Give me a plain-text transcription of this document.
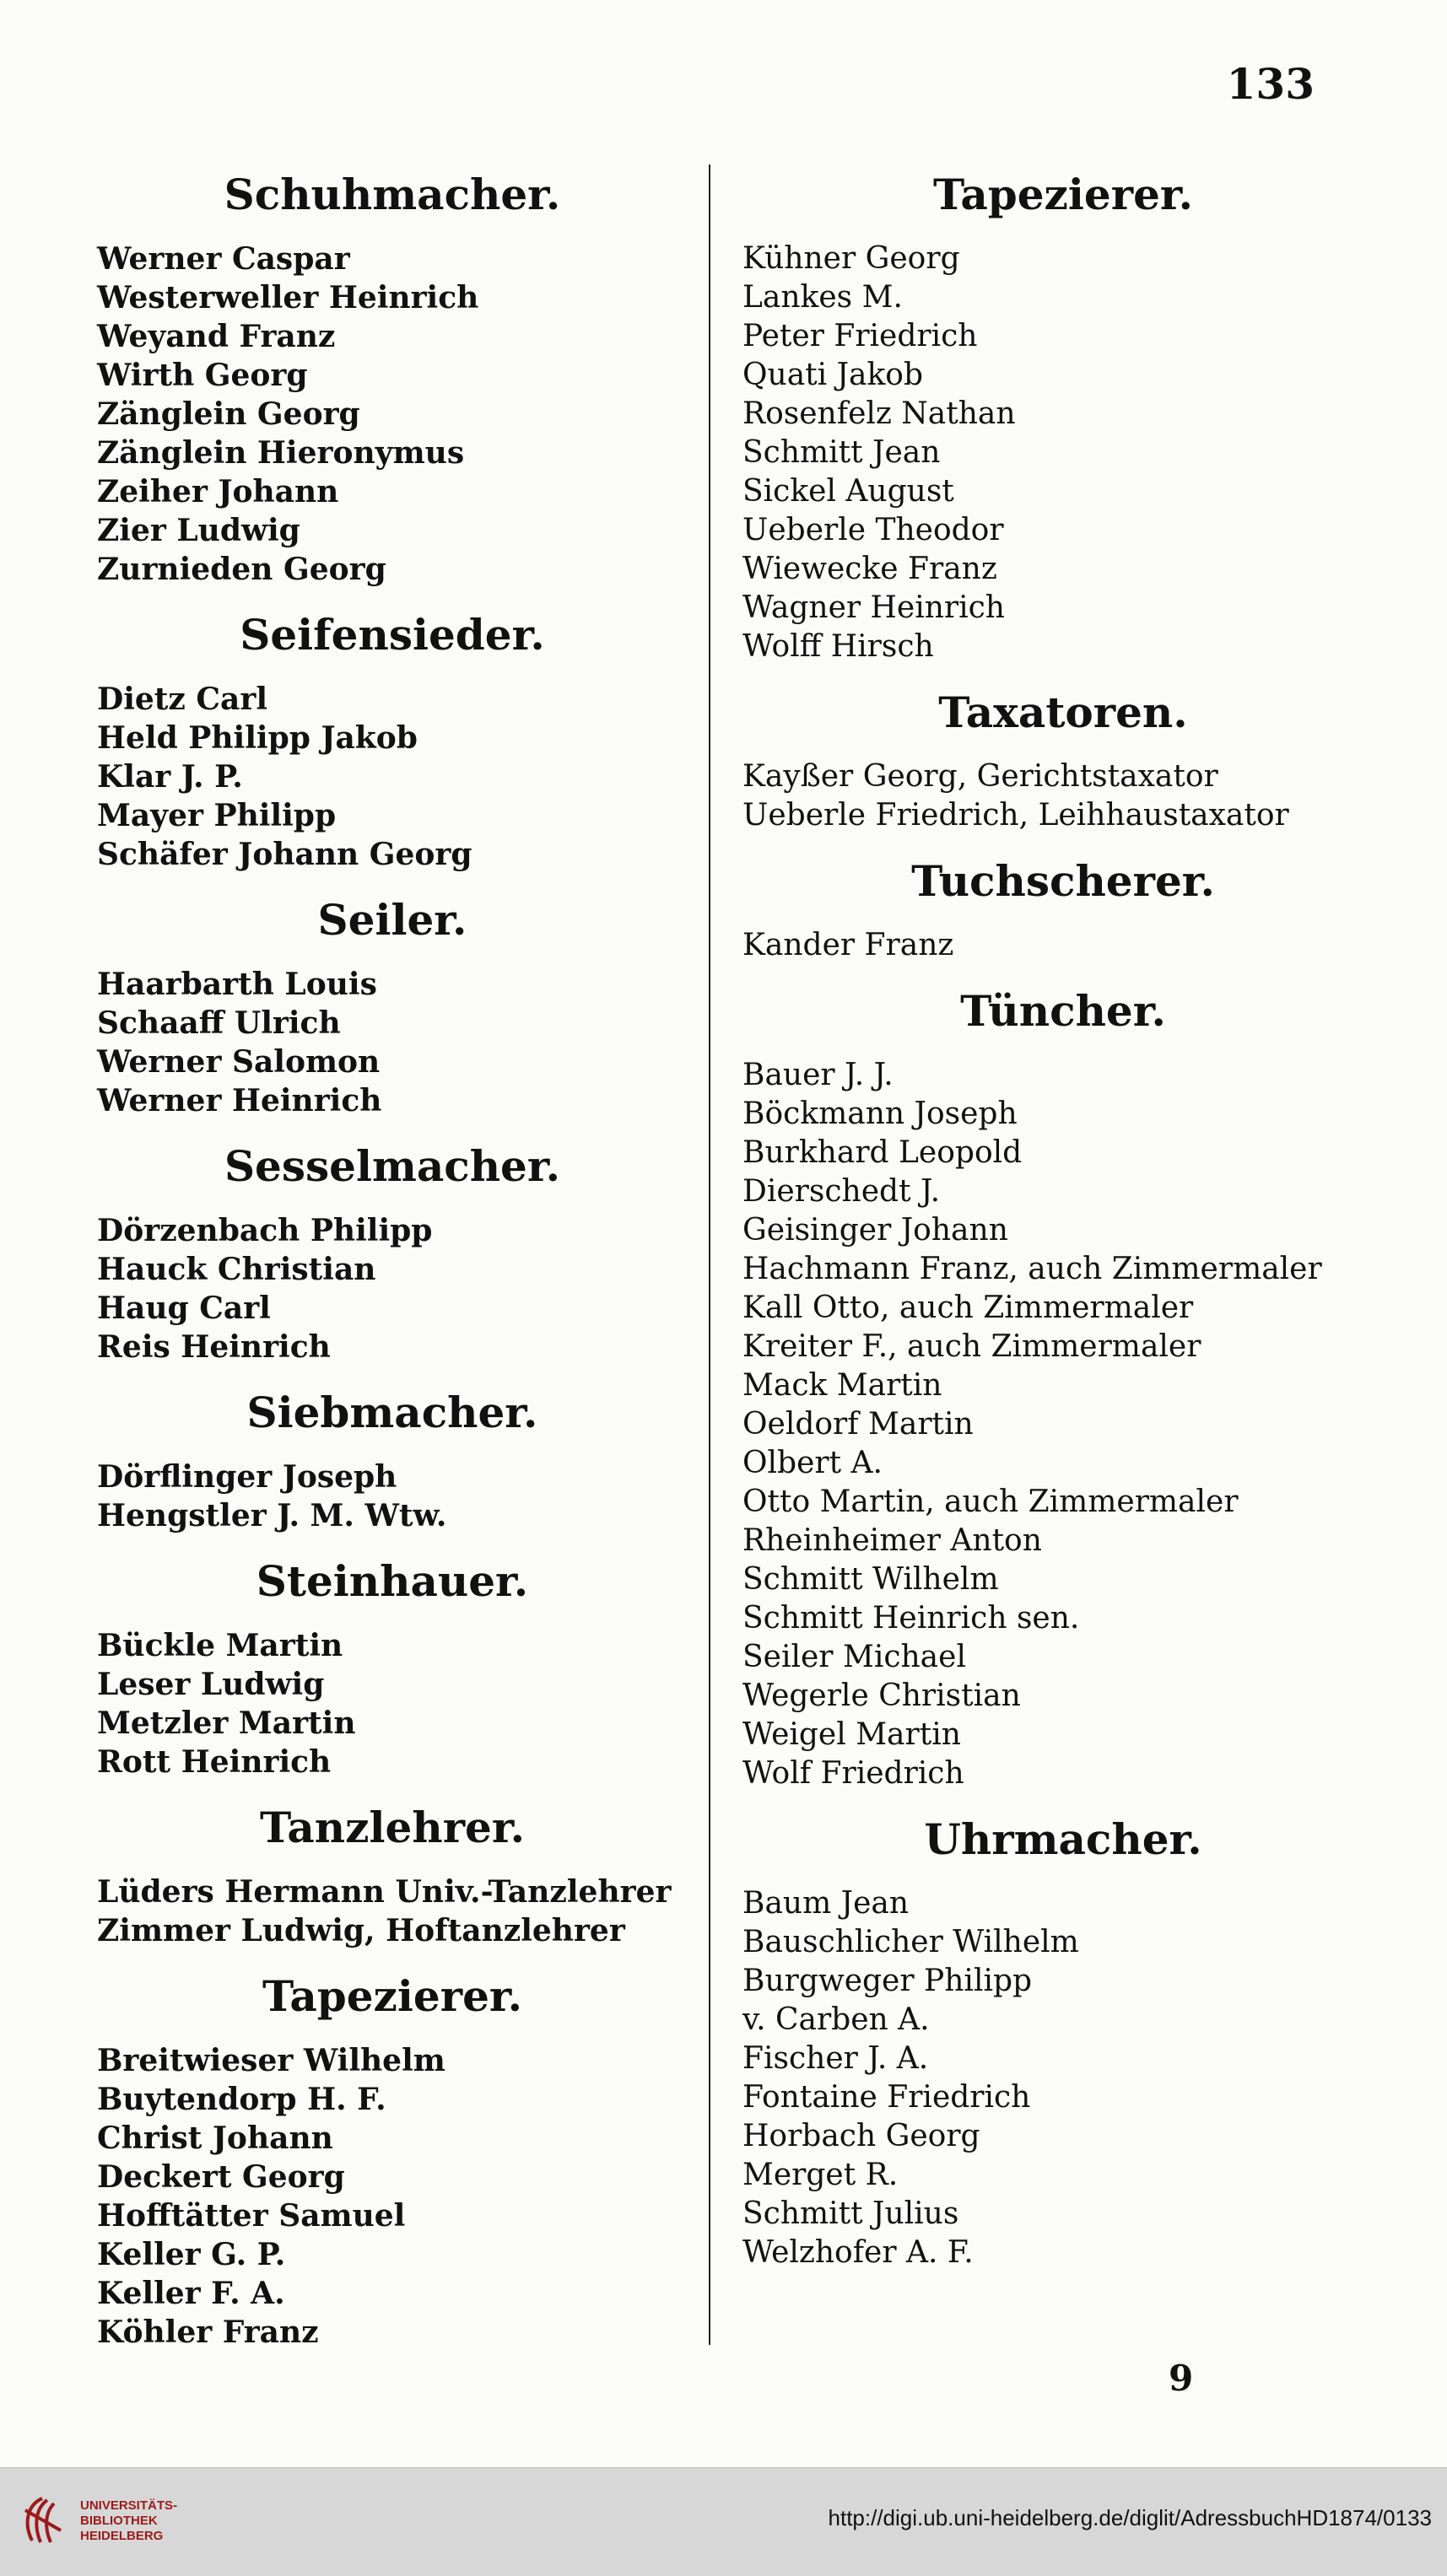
133
Schuhmacher.
Werner Caspar
Westerweller Heinrich
Weyand Franz
Wirth Georg
Zänglein Georg
Zänglein Hieronymus
Zeiher Johann
Zier Ludwig
Zurnieden Georg
Seifensieder.
Dietz Carl
Held Philipp Jakob
Klar J. P.
Mayer Philipp
Schäfer Johann Georg
Seiler.
Haarbarth Louis
Schaaff Ulrich
Werner Salomon
Werner Heinrich
Sesselmacher.
Dörzenbach Philipp
Hauck Christian
Haug Carl
Reis Heinrich
Siebmacher.
Dörflinger Joseph
Hengstler J. M. Wtw.
Steinhauer.
Bückle Martin
Leser Ludwig
Metzler Martin
Rott Heinrich
Tanzlehrer.
Lüders Hermann Univ.-Tanzlehrer
Zimmer Ludwig, Hoftanzlehrer
Tapezierer.
Breitwieser Wilhelm
Buytendorp H. F.
Christ Johann
Deckert Georg
Hofftätter Samuel
Keller G. P.
Keller F. A.
Köhler Franz
Tapezierer.
Kühner Georg
Lankes M.
Peter Friedrich
Quati Jakob
Rosenfelz Nathan
Schmitt Jean
Sickel August
Ueberle Theodor
Wiewecke Franz
Wagner Heinrich
Wolff Hirsch
Taxatoren.
Kayßer Georg, Gerichtstaxator
Ueberle Friedrich, Leihhaustaxator
Tuchscherer.
Kander Franz
Tüncher.
Bauer J. J.
Böckmann Joseph
Burkhard Leopold
Dierschedt J.
Geisinger Johann
Hachmann Franz, auch Zimmermaler
Kall Otto, auch Zimmermaler
Kreiter F., auch Zimmermaler
Mack Martin
Oeldorf Martin
Olbert A.
Otto Martin, auch Zimmermaler
Rheinheimer Anton
Schmitt Wilhelm
Schmitt Heinrich sen.
Seiler Michael
Wegerle Christian
Weigel Martin
Wolf Friedrich
Uhrmacher.
Baum Jean
Bauschlicher Wilhelm
Burgweger Philipp
v. Carben A.
Fischer J. A.
Fontaine Friedrich
Horbach Georg
Merget R.
Schmitt Julius
Welzhofer A. F.
9
UNIVERSITÄTS-
BIBLIOTHEK
HEIDELBERG
http://digi.ub.uni-heidelberg.de/diglit/AdressbuchHD1874/0133
